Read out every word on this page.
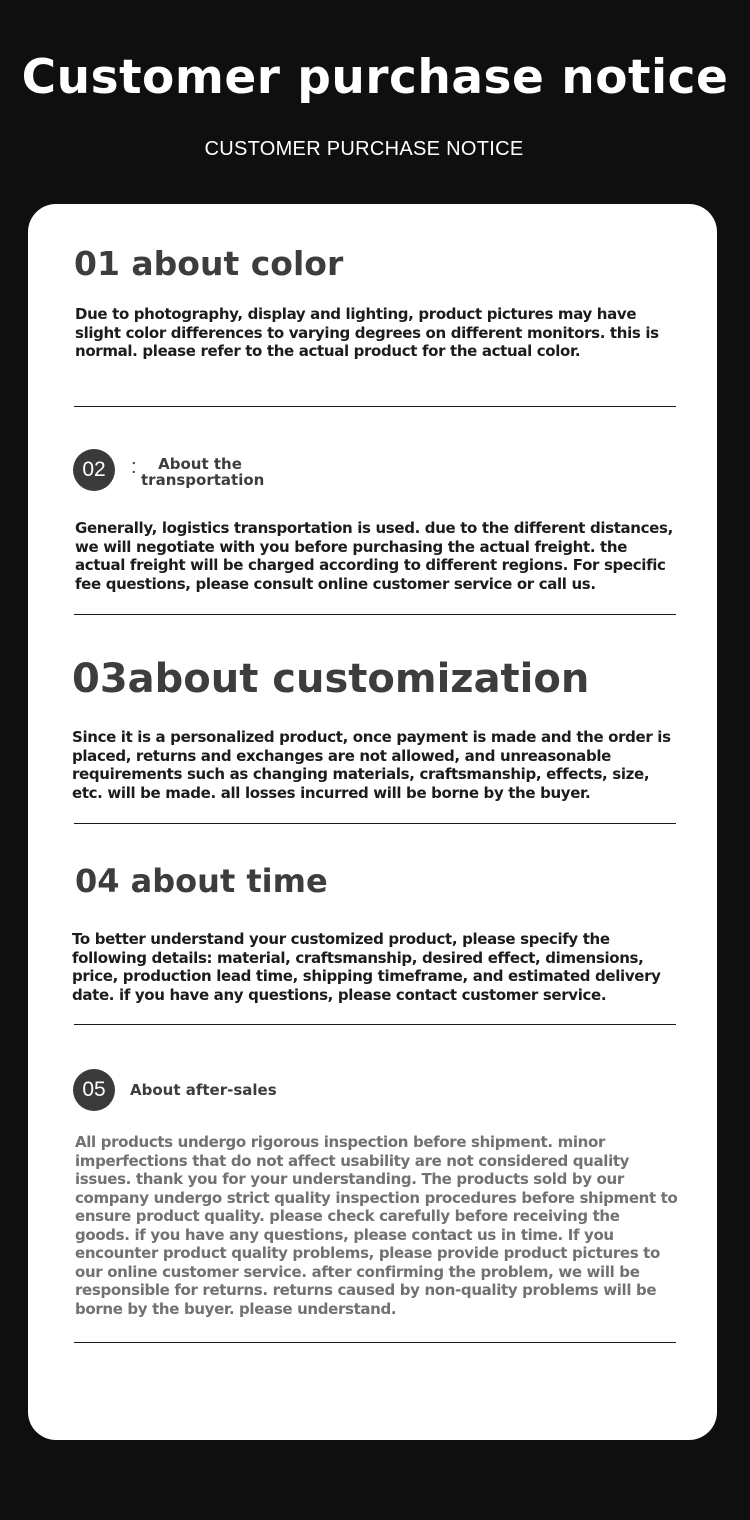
Customer purchase notice
CUSTOMER PURCHASE NOTICE
01 about color
Due to photography, display and lighting, product pictures may have slight color differences to varying degrees on different monitors. this is normal. please refer to the actual product for the actual color.
02	:	About the transportation
Generally, logistics transportation is used. due to the different distances, we will negotiate with you before purchasing the actual freight. the actual freight will be charged according to different regions. For specific fee questions, please consult online customer service or call us.
03about customization
Since it is a personalized product, once payment is made and the order is placed, returns and exchanges are not allowed, and unreasonable requirements such as changing materials, craftsmanship, effects, size, etc. will be made. all losses incurred will be borne by the buyer.
04 about time
To better understand your customized product, please specify the following details: material, craftsmanship, desired effect, dimensions, price, production lead time, shipping timeframe, and estimated delivery date. if you have any questions, please contact customer service.
05	About after-sales
All products undergo rigorous inspection before shipment. minor imperfections that do not affect usability are not considered quality issues. thank you for your understanding. The products sold by our company undergo strict quality inspection procedures before shipment to ensure product quality. please check carefully before receiving the goods. if you have any questions, please contact us in time. If you encounter product quality problems, please provide product pictures to our online customer service. after confirming the problem, we will be responsible for returns. returns caused by non-quality problems will be borne by the buyer. please understand.
